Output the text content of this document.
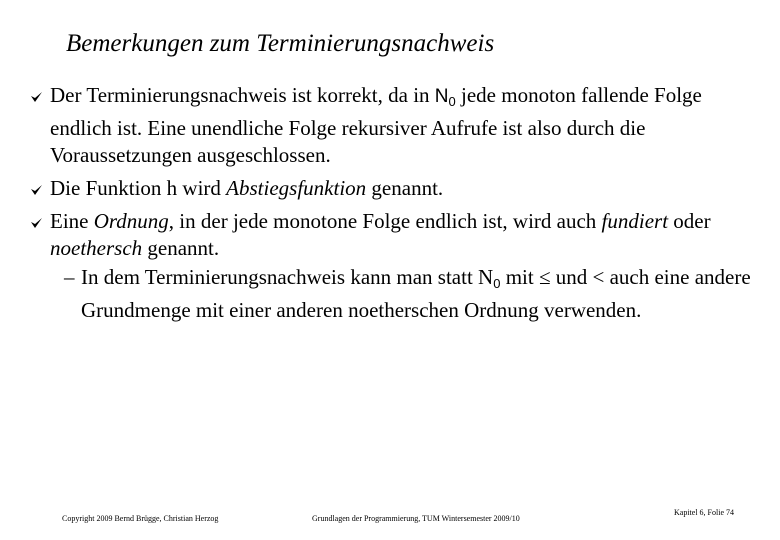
Bemerkungen zum Terminierungsnachweis
Der Terminierungsnachweis ist korrekt, da in $N_0$ jede monoton fallende Folge endlich ist. Eine unendliche Folge rekursiver Aufrufe ist also durch die Voraussetzungen ausgeschlossen.
Die Funktion h wird Abstiegsfunktion genannt.
Eine Ordnung, in der jede monotone Folge endlich ist, wird auch fundiert oder noethersch genannt.
– In dem Terminierungsnachweis kann man statt $N_0$ mit ≤ und < auch eine andere Grundmenge mit einer anderen noetherschen Ordnung verwenden.
Copyright 2009 Bernd Brügge, Christian Herzog	Grundlagen der Programmierung, TUM Wintersemester 2009/10
Kapitel 6, Folie 74
